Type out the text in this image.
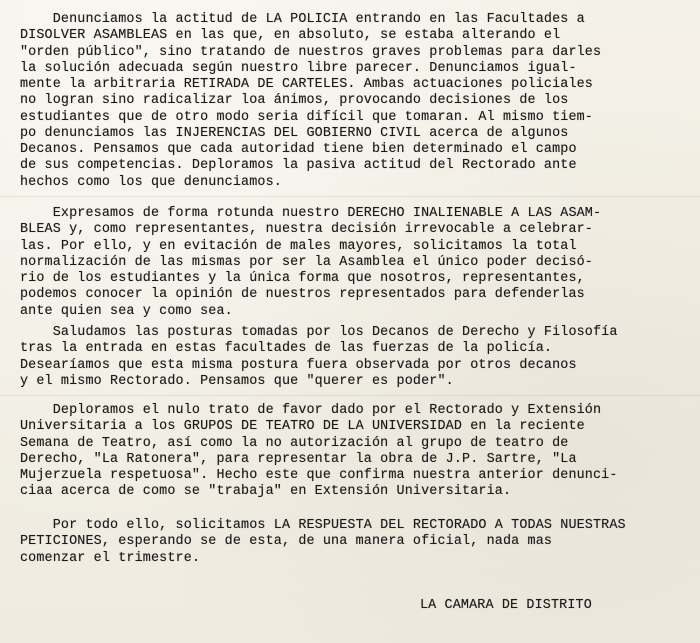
Denunciamos la actitud de LA POLICIA entrando en las Facultades a
DISOLVER ASAMBLEAS en las que, en absoluto, se estaba alterando el
"orden público", sino tratando de nuestros graves problemas para darles
la solución adecuada según nuestro libre parecer. Denunciamos igual-
mente la arbitraria RETIRADA DE CARTELES. Ambas actuaciones policiales
no logran sino radicalizar loa ánimos, provocando decisiones de los
estudiantes que de otro modo seria difícil que tomaran. Al mismo tiem-
po denunciamos las INJERENCIAS DEL GOBIERNO CIVIL acerca de algunos
Decanos. Pensamos que cada autoridad tiene bien determinado el campo
de sus competencias. Deploramos la pasiva actitud del Rectorado ante
hechos como los que denunciamos.
Expresamos de forma rotunda nuestro DERECHO INALIENABLE A LAS ASAM-
BLEAS y, como representantes, nuestra decisión irrevocable a celebrar-
las. Por ello, y en evitación de males mayores, solicitamos la total
normalización de las mismas por ser la Asamblea el único poder decisó-
rio de los estudiantes y la única forma que nosotros, representantes,
podemos conocer la opinión de nuestros representados para defenderlas
ante quien sea y como sea.
Saludamos las posturas tomadas por los Decanos de Derecho y Filosofía
tras la entrada en estas facultades de las fuerzas de la policía.
Desearíamos que esta misma postura fuera observada por otros decanos
y el mismo Rectorado. Pensamos que "querer es poder".
Deploramos el nulo trato de favor dado por el Rectorado y Extensión
Universitaria a los GRUPOS DE TEATRO DE LA UNIVERSIDAD en la reciente
Semana de Teatro, así como la no autorización al grupo de teatro de
Derecho, "La Ratonera", para representar la obra de J.P. Sartre, "La
Mujerzuela respetuosa". Hecho este que confirma nuestra anterior denunci-
ciaa acerca de como se "trabaja" en Extensión Universitaria.
Por todo ello, solicitamos LA RESPUESTA DEL RECTORADO A TODAS NUESTRAS
PETICIONES, esperando se de esta, de una manera oficial, nada mas
comenzar el trimestre.
LA CAMARA DE DISTRITO
